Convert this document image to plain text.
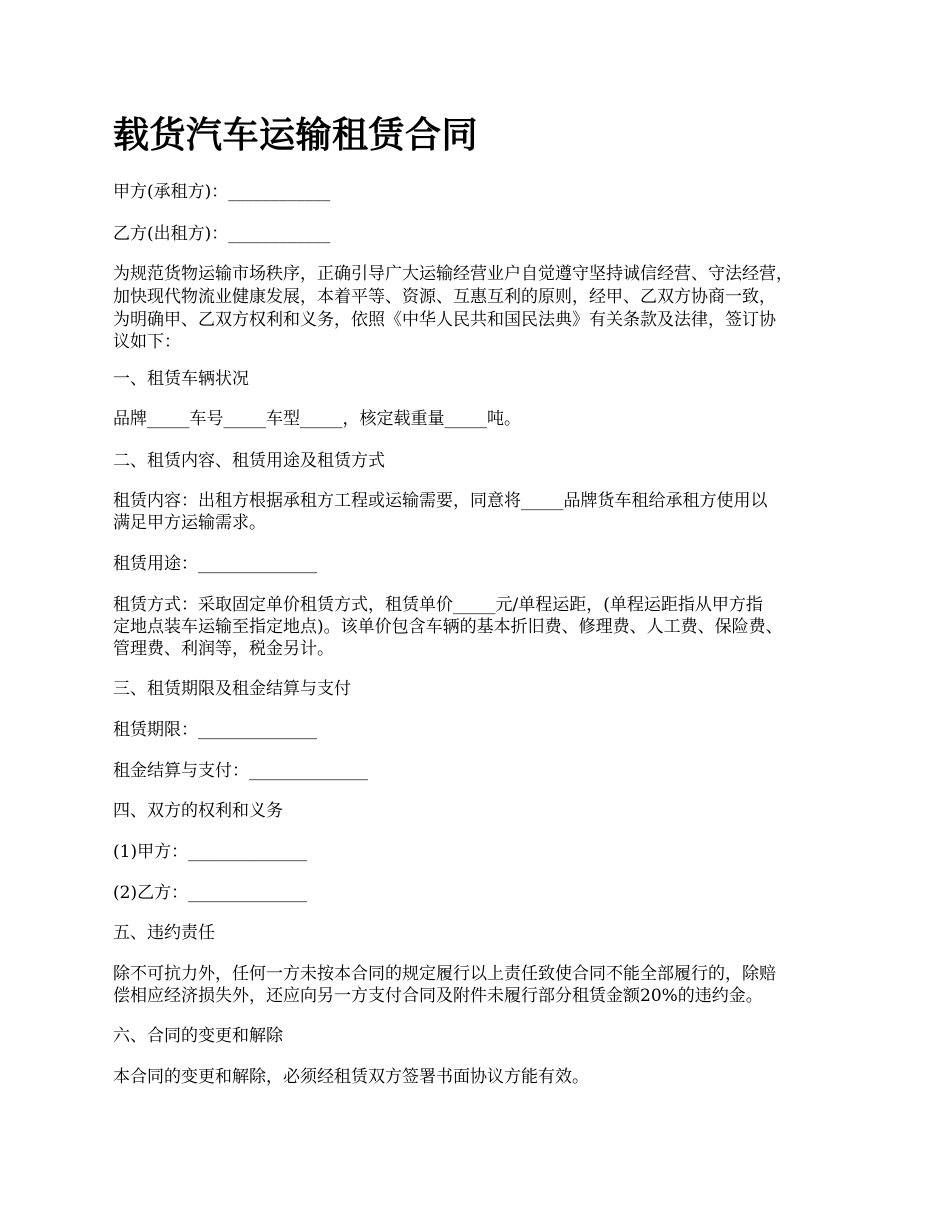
载货汽车运输租赁合同

甲方(承租方)：____________

乙方(出租方)：____________

为规范货物运输市场秩序，正确引导广大运输经营业户自觉遵守坚持诚信经营、守法经营，

加快现代物流业健康发展，本着平等、资源、互惠互利的原则，经甲、乙双方协商一致，

为明确甲、乙双方权利和义务，依照《中华人民共和国民法典》有关条款及法律，签订协

议如下：

一、租赁车辆状况

品牌_____车号_____车型_____，核定载重量_____吨。

二、租赁内容、租赁用途及租赁方式

租赁内容：出租方根据承租方工程或运输需要，同意将_____品牌货车租给承租方使用以

满足甲方运输需求。

租赁用途：______________

租赁方式：采取固定单价租赁方式，租赁单价_____元/单程运距，(单程运距指从甲方指

定地点装车运输至指定地点)。该单价包含车辆的基本折旧费、修理费、人工费、保险费、

管理费、利润等，税金另计。

三、租赁期限及租金结算与支付

租赁期限：______________

租金结算与支付：______________

四、双方的权利和义务

(1)甲方：______________

(2)乙方：______________

五、违约责任

除不可抗力外，任何一方未按本合同的规定履行以上责任致使合同不能全部履行的，除赔

偿相应经济损失外，还应向另一方支付合同及附件未履行部分租赁金额20%的违约金。

六、合同的变更和解除

本合同的变更和解除，必须经租赁双方签署书面协议方能有效。
